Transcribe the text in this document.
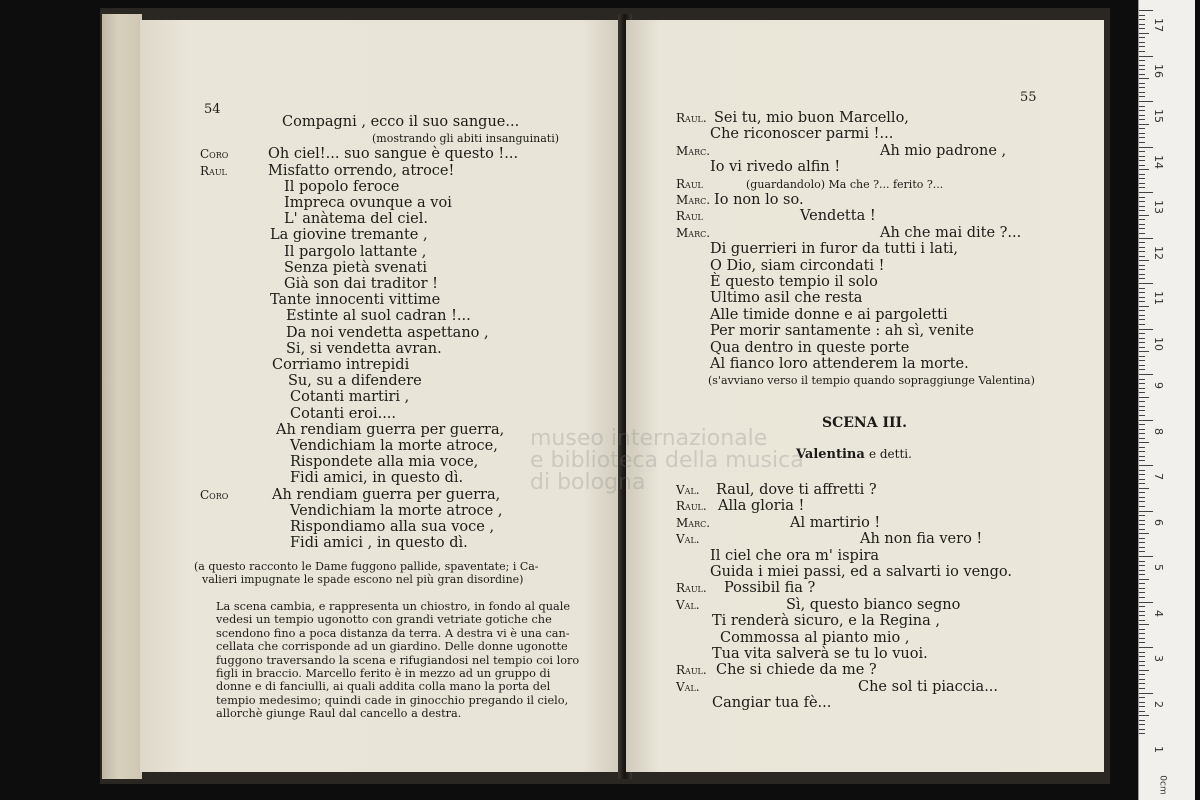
54
Compagni , ecco il suo sangue...
(mostrando gli abiti insanguinati)
Coro	Oh ciel!... suo sangue è questo !...
Raul	Misfatto orrendo, atroce!
Il popolo feroce
Impreca ovunque a voi
L' anàtema del ciel.
La giovine tremante ,
Il pargolo lattante ,
Senza pietà svenati
Già son dai traditor !
Tante innocenti vittime
Estinte al suol cadran !...
Da noi vendetta aspettano ,
Si, si vendetta avran.
Corriamo intrepidi
Su, su a difendere
Cotanti martiri ,
Cotanti eroi....
Ah rendiam guerra per guerra,
Vendichiam la morte atroce,
Rispondete alla mia voce,
Fidi amici, in questo dì.
Coro	Ah rendiam guerra per guerra,
Vendichiam la morte atroce ,
Rispondiamo alla sua voce ,
Fidi amici , in questo dì.
(a questo racconto le Dame fuggono pallide, spaventate; i Ca-
valieri impugnate le spade escono nel più gran disordine)
La scena cambia, e rappresenta un chiostro, in fondo al quale
vedesi un tempio ugonotto con grandi vetriate gotiche che
scendono fino a poca distanza da terra. A destra vi è una can-
cellata che corrisponde ad un giardino. Delle donne ugonotte
fuggono traversando la scena e rifugiandosi nel tempio coi loro
figli in braccio. Marcello ferito è in mezzo ad un gruppo di
donne e di fanciulli, ai quali addita colla mano la porta del
tempio medesimo; quindi cade in ginocchio pregando il cielo,
allorchè giunge Raul dal cancello a destra.
55
Raul. Sei tu, mio buon Marcello,
Che riconoscer parmi !...
Marc.	Ah mio padrone ,
Io vi rivedo alfin !
Raul	(guardandolo) Ma che ?... ferito ?...
Marc. Io non lo so.
Raul	Vendetta !
Marc.	Ah che mai dite ?...
Di guerrieri in furor da tutti i lati,
O Dio, siam circondati !
È questo tempio il solo
Ultimo asil che resta
Alle timide donne e ai pargoletti
Per morir santamente : ah sì, venite
Qua dentro in queste porte
Al fianco loro attenderem la morte.
(s'avviano verso il tempio quando sopraggiunge Valentina)
SCENA III.
Valentina e detti.
Val. Raul, dove ti affretti ?
Raul. Alla gloria !
Marc.	Al martirio !
Val.	Ah non fia vero !
Il ciel che ora m' ispira
Guida i miei passi, ed a salvarti io vengo.
Raul. Possibil fia ?
Val.	Sì, questo bianco segno
Ti renderà sicuro, e la Regina ,
Commossa al pianto mio ,
Tua vita salverà se tu lo vuoi.
Raul. Che si chiede da me ?
Val.	Che sol ti piaccia...
Cangiar tua fè...
museo internazionale
e biblioteca della musica
di bologna
17
16
15
14
13
12
11
10
9
8
7
6
5
4
3
2
1
0cm
